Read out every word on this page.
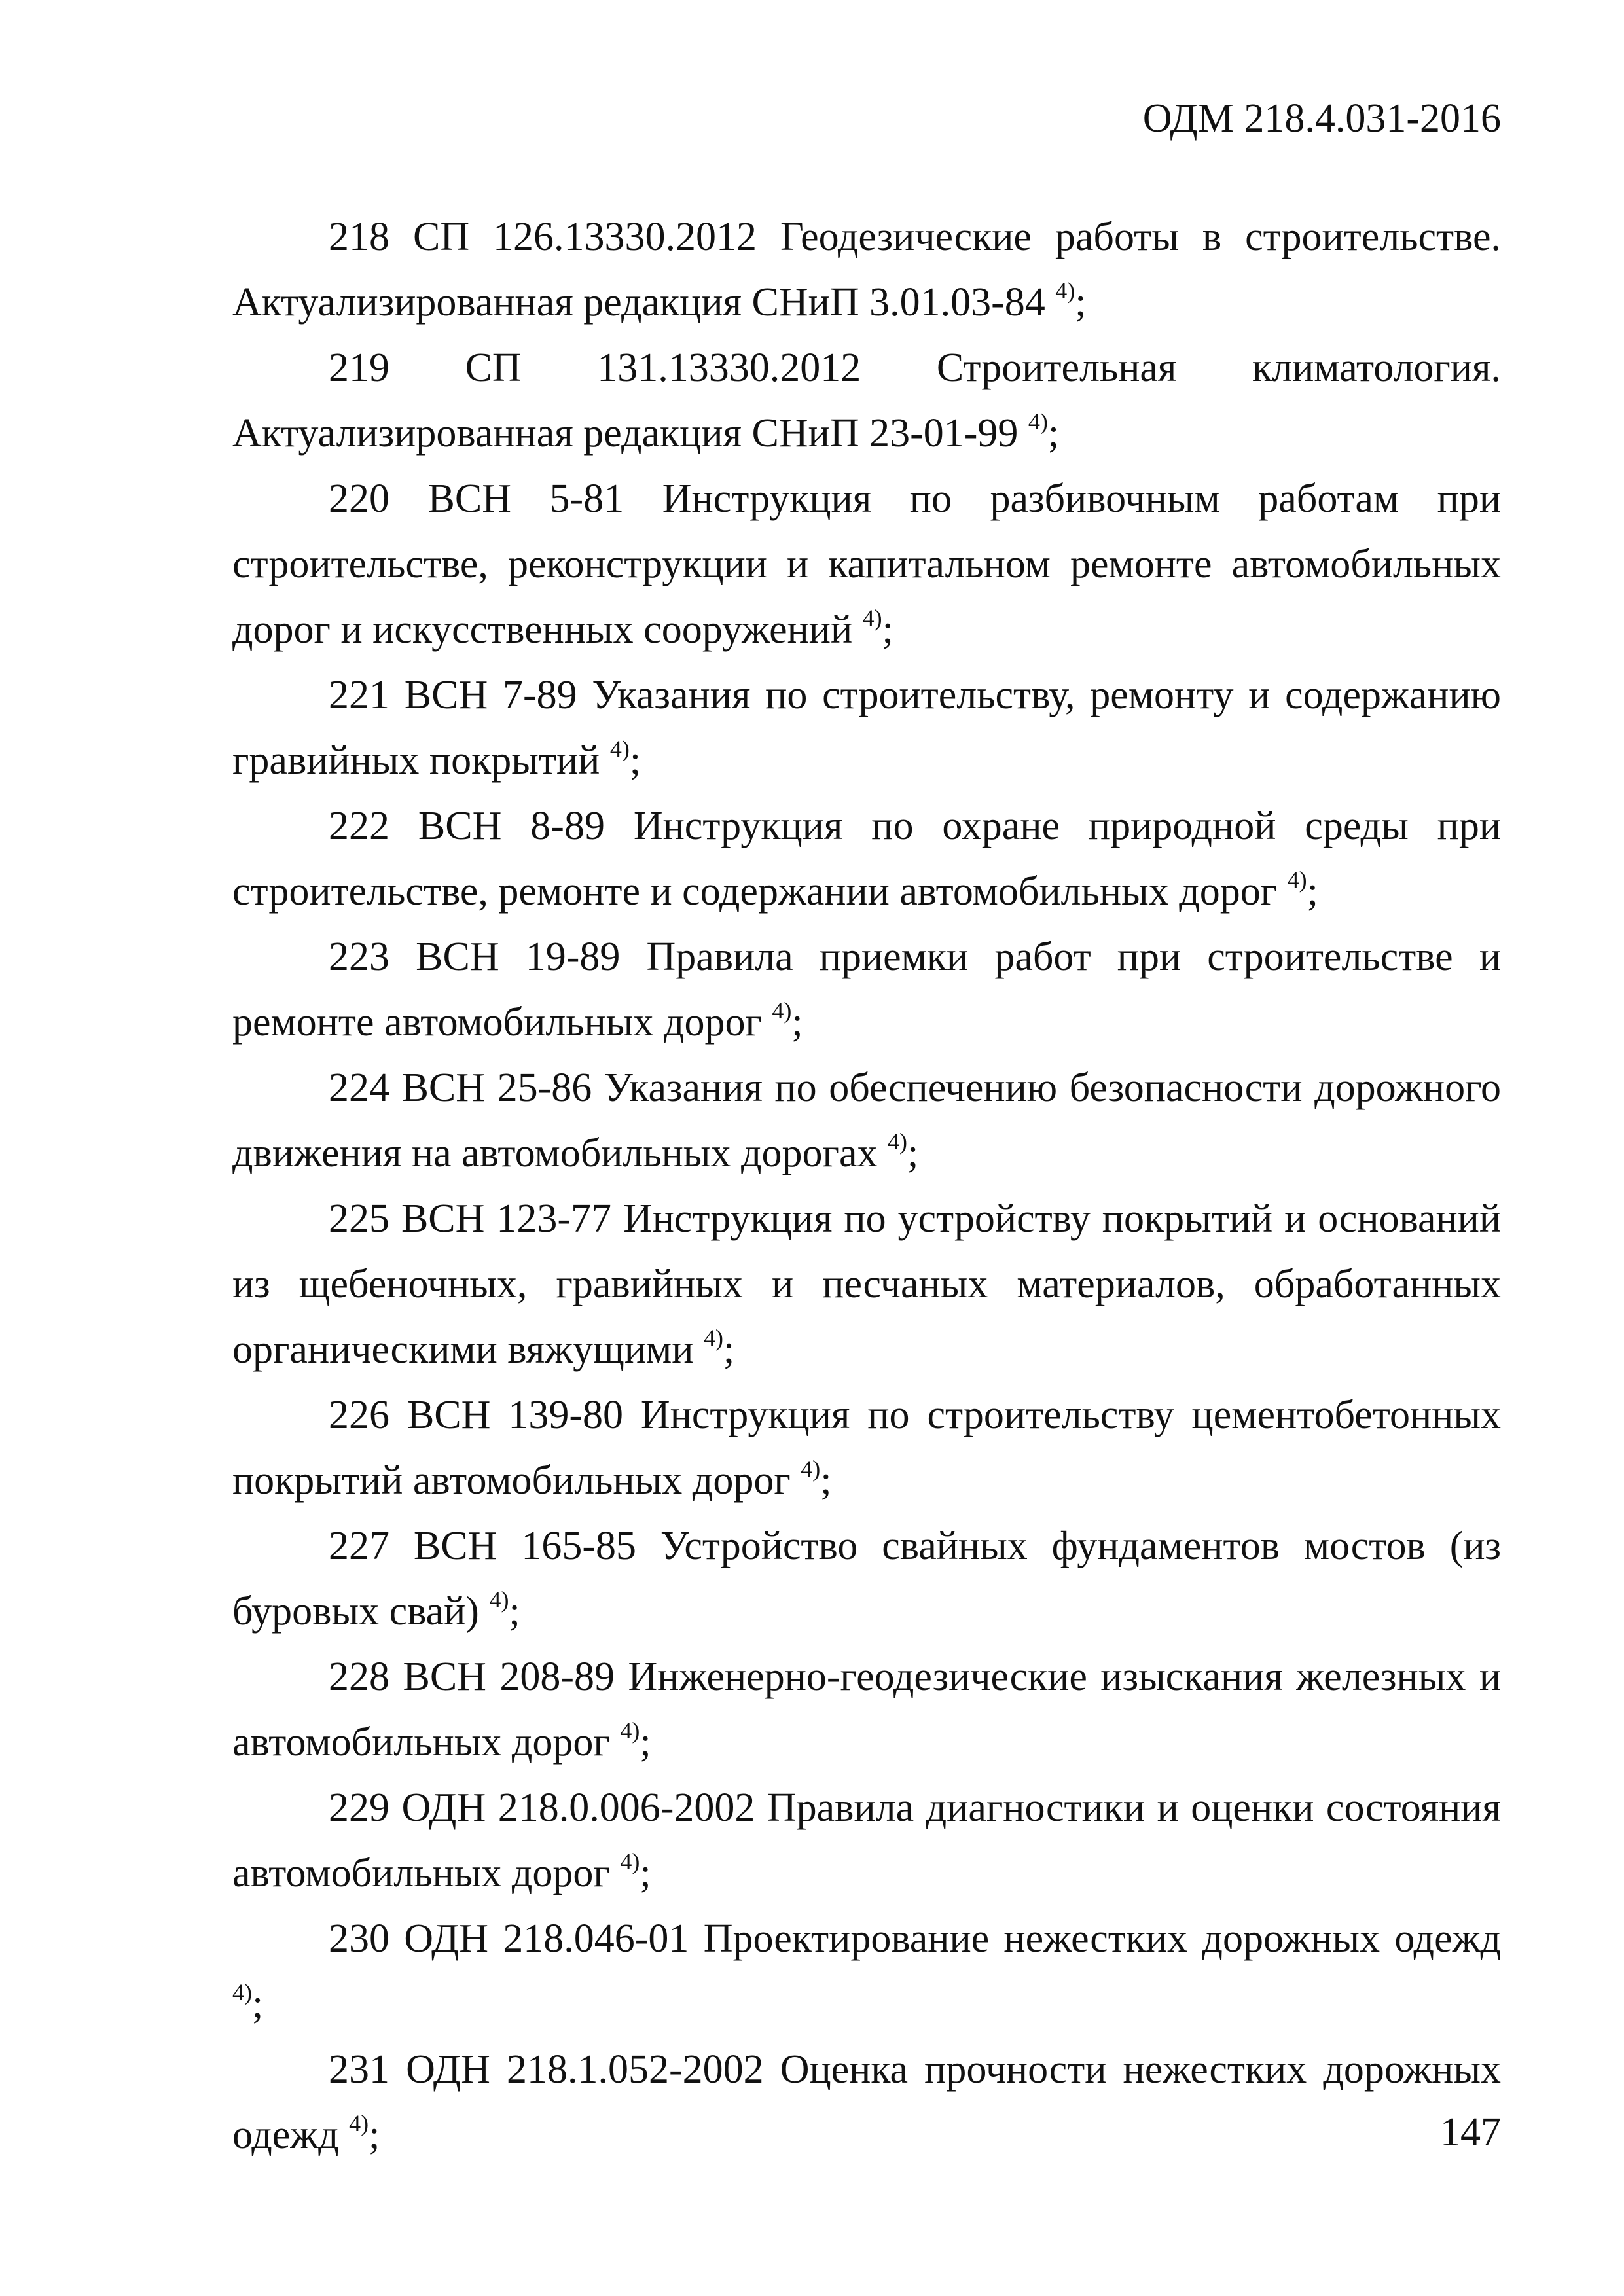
ОДМ 218.4.031-2016

218 СП 126.13330.2012 Геодезические работы в строительстве. Актуализированная редакция СНиП 3.01.03-84 $^{4)}$;

219 СП 131.13330.2012 Строительная климатология. Актуализированная редакция СНиП 23-01-99 $^{4)}$;

220 ВСН 5-81 Инструкция по разбивочным работам при строительстве, реконструкции и капитальном ремонте автомобильных дорог и искусственных сооружений $^{4)}$;

221 ВСН 7-89 Указания по строительству, ремонту и содержанию гравийных покрытий $^{4)}$;

222 ВСН 8-89 Инструкция по охране природной среды при строительстве, ремонте и содержании автомобильных дорог $^{4)}$;

223 ВСН 19-89 Правила приемки работ при строительстве и ремонте автомобильных дорог $^{4)}$;

224 ВСН 25-86 Указания по обеспечению безопасности дорожного движения на автомобильных дорогах $^{4)}$;

225 ВСН 123-77 Инструкция по устройству покрытий и оснований из щебеночных, гравийных и песчаных материалов, обработанных органическими вяжущими $^{4)}$;

226 ВСН 139-80 Инструкция по строительству цементобетонных покрытий автомобильных дорог $^{4)}$;

227 ВСН 165-85 Устройство свайных фундаментов мостов (из буровых свай) $^{4)}$;

228 ВСН 208-89 Инженерно-геодезические изыскания железных и автомобильных дорог $^{4)}$;

229 ОДН 218.0.006-2002 Правила диагностики и оценки состояния автомобильных дорог $^{4)}$;

230 ОДН 218.046-01 Проектирование нежестких дорожных одежд $^{4)}$;

231 ОДН 218.1.052-2002 Оценка прочности нежестких дорожных одежд $^{4)}$;	147
